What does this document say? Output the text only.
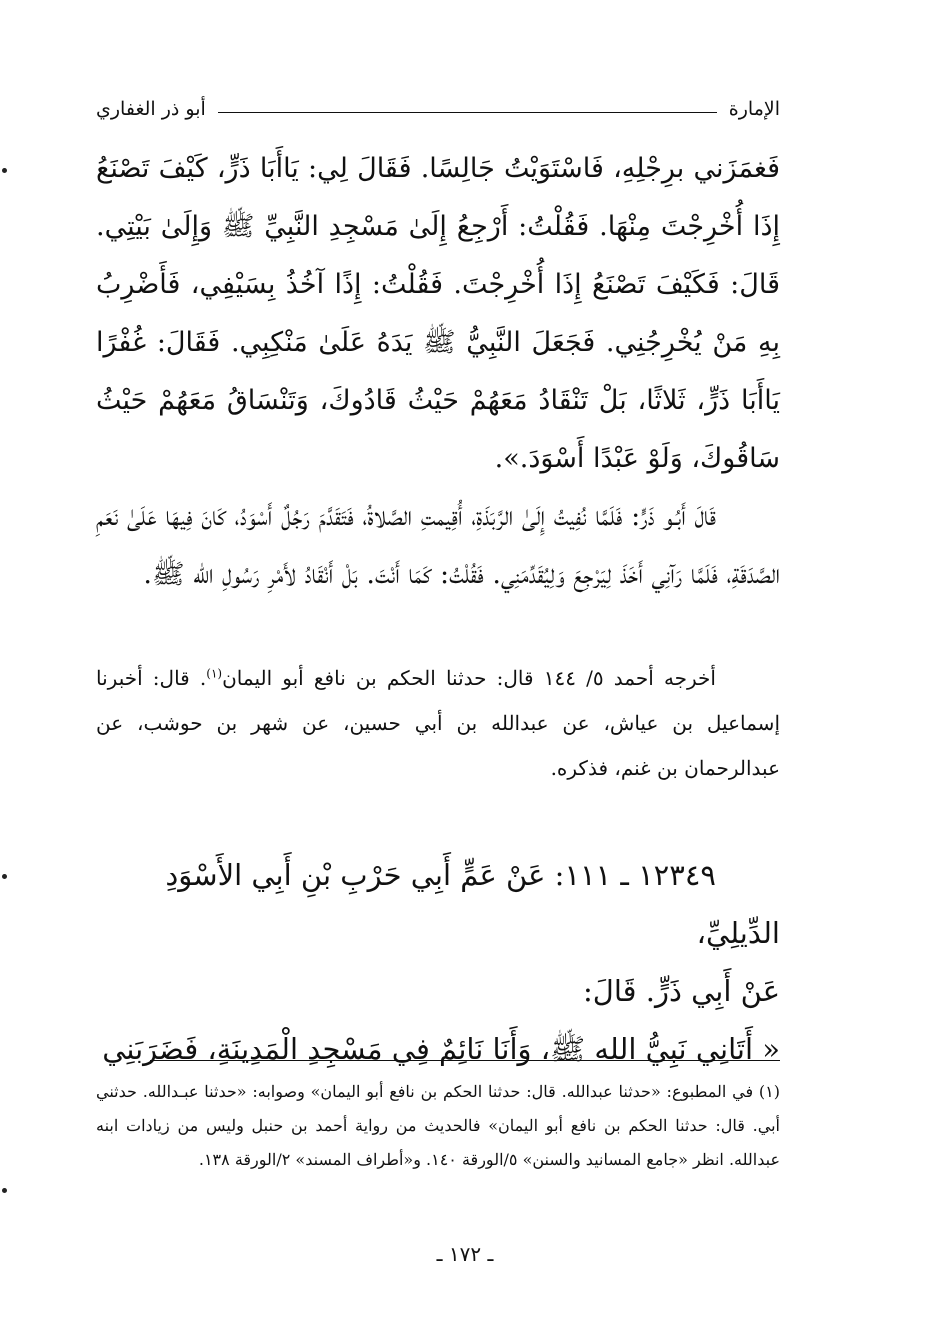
الإمارة
أبو ذر الغفاري

فَغمَزَني برِجْلِهِ، فَاسْتَوَيْتُ جَالِسًا. فَقَالَ لِي: يَاأَبَا ذَرٍّ، كَيْفَ تَصْنَعُ إِذَا أُخْرِجْتَ مِنْهَا. فَقُلْتُ: أَرْجِعُ إِلَىٰ مَسْجِدِ النَّبِيِّ ﷺ وَإِلَىٰ بَيْتِي. قَالَ: فَكَيْفَ تَصْنَعُ إِذَا أُخْرِجْتَ. فَقُلْتُ: إِذًا آخُذُ بِسَيْفِي، فَأَضْرِبُ بِهِ مَنْ يُخْرِجُنِي. فَجَعَلَ النَّبِيُّ ﷺ يَدَهُ عَلَىٰ مَنْكِبِي. فَقَالَ: غُفْرًا يَاأَبَا ذَرٍّ، ثَلاثًا، بَلْ تَنْقَادُ مَعَهُمْ حَيْثُ قَادُوكَ، وَتَنْسَاقُ مَعَهُمْ حَيْثُ سَاقُوكَ، وَلَوْ عَبْدًا أَسْوَدَ.».

قَالَ أَبُـو ذَرٍّ: فَلَمَّا نُفِيتُ إِلَىٰ الرَّبَذَةِ، أُقِيمتِ الصَّلاةُ، فَتَقَدَّمَ رَجُلٌ أَسْوَدُ، كَانَ فِيهَا عَلَىٰ نَعَمِ الصَّدَقَةِ، فَلَمَّا رَآنِي أَخَذَ لِيَرْجِعَ وَلِيُقَدِّمَنِي. فَقُلْتُ: كَمَا أَنْتَ. بَلْ أَنْقَادُ لأَمْرِ رَسُولِ الله ﷺ.

أخرجه أحمد ٥/ ١٤٤ قال: حدثنا الحكم بن نافع أبو اليمان$^{(١)}$. قال: أخبرنا إسماعيل بن عياش، عن عبدالله بن أبي حسين، عن شهر بن حوشب، عن عبدالرحمان بن غنم، فذكره.

١٢٣٤٩ ـ ١١١: عَنْ عَمٍّ أَبِي حَرْبِ بْنِ أَبِي الأَسْوَدِ الدِّيلِيِّ،

عَنْ أَبِي ذَرٍّ. قَالَ:

« أَتَانِي نَبِيُّ الله ﷺ، وَأَنَا نَائِمٌ فِي مَسْجِدِ الْمَدِينَةِ، فَضَرَبَنِي

(١) في المطبوع: «حدثنا عبدالله. قال: حدثنا الحكم بن نافع أبو اليمان» وصوابه: «حدثنا عبـدالله. حدثني أبي. قال: حدثنا الحكم بن نافع أبو اليمان» فالحديث من رواية أحمد بن حنبل وليس من زيادات ابنه عبدالله. انظر «جامع المسانيد والسنن» ٥/الورقة ١٤٠. و«أطراف المسند» ٢/الورقة ١٣٨.

ـ ١٧٢ ـ
